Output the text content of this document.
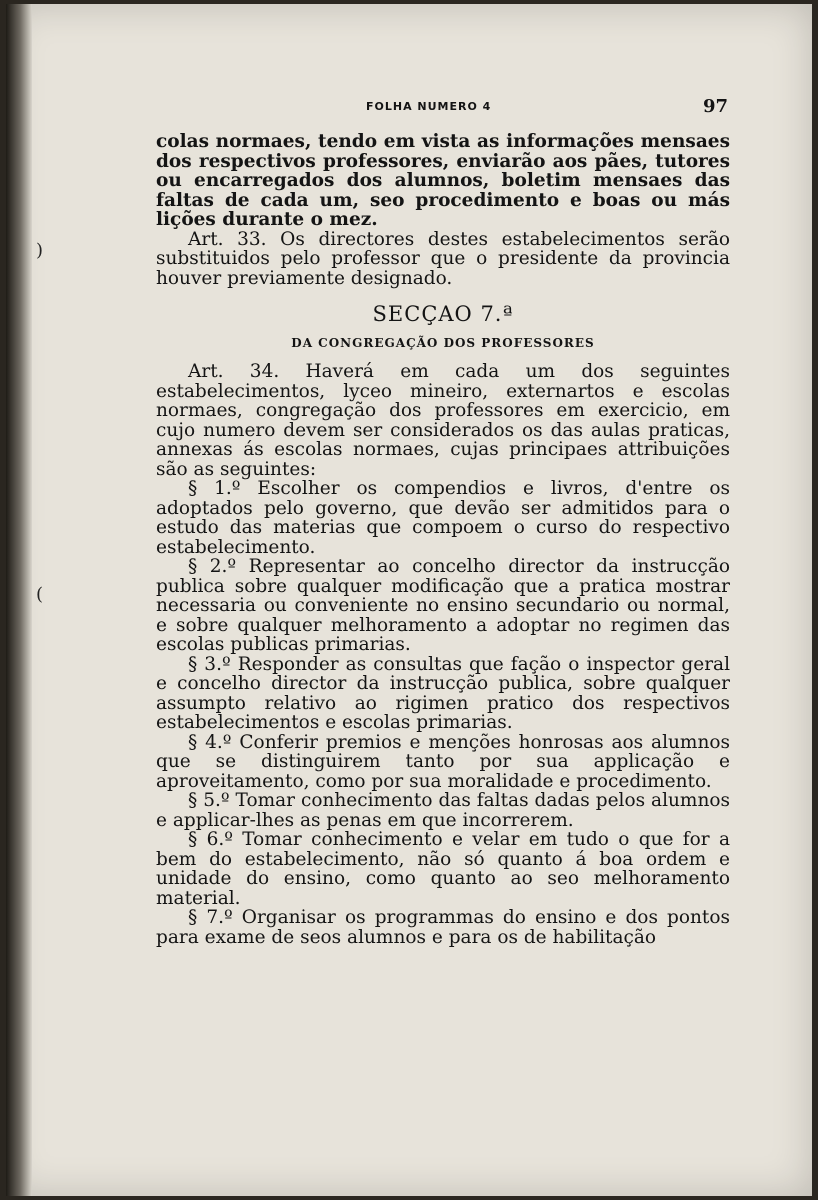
)
(
FOLHA NUMERO 4	97

colas normaes, tendo em vista as informações mensaes dos respectivos professores, enviarão aos pães, tutores ou encarregados dos alumnos, boletim mensaes das faltas de cada um, seo procedimento e boas ou más lições durante o mez.

Art. 33. Os directores destes estabelecimentos serão substituidos pelo professor que o presidente da provincia houver previamente designado.

SECÇAO 7.ª
DA CONGREGAÇÃO DOS PROFESSORES

Art. 34. Haverá em cada um dos seguintes estabelecimentos, lyceo mineiro, externartos e escolas normaes, congregação dos professores em exercicio, em cujo numero devem ser considerados os das aulas praticas, annexas ás escolas normaes, cujas principaes attribuições são as seguintes:

§ 1.º Escolher os compendios e livros, d'entre os adoptados pelo governo, que devão ser admitidos para o estudo das materias que compoem o curso do respectivo estabelecimento.

§ 2.º Representar ao concelho director da instrucção publica sobre qualquer modificação que a pratica mostrar necessaria ou conveniente no ensino secundario ou normal, e sobre qualquer melhoramento a adoptar no regimen das escolas publicas primarias.

§ 3.º Responder as consultas que fação o inspector geral e concelho director da instrucção publica, sobre qualquer assumpto relativo ao rigimen pratico dos respectivos estabelecimentos e escolas primarias.

§ 4.º Conferir premios e menções honrosas aos alumnos que se distinguirem tanto por sua applicação e aproveitamento, como por sua moralidade e procedimento.

§ 5.º Tomar conhecimento das faltas dadas pelos alumnos e applicar-lhes as penas em que incorrerem.

§ 6.º Tomar conhecimento e velar em tudo o que for a bem do estabelecimento, não só quanto á boa ordem e unidade do ensino, como quanto ao seo melhoramento material.

§ 7.º Organisar os programmas do ensino e dos pontos para exame de seos alumnos e para os de habilitação
